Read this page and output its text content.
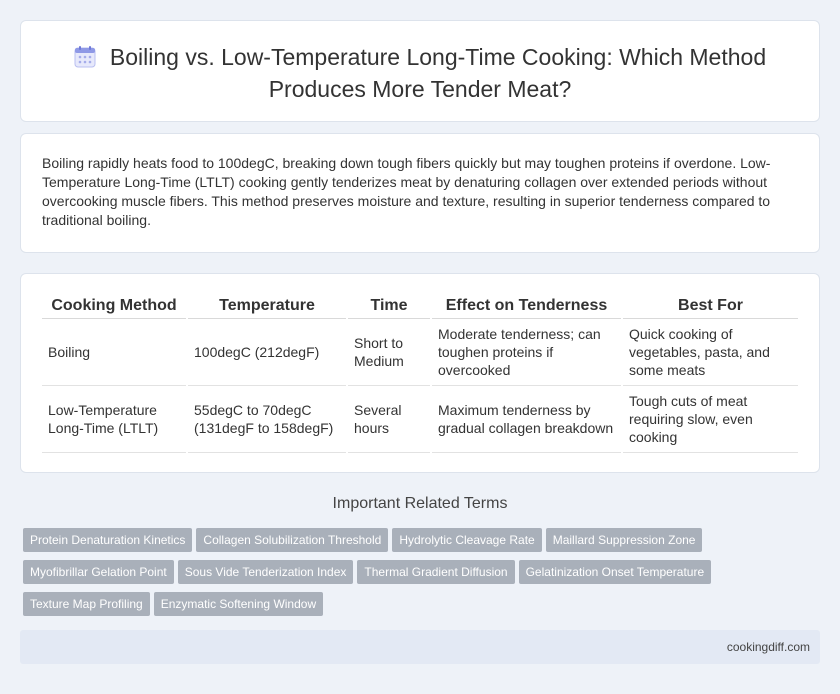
Boiling vs. Low-Temperature Long-Time Cooking: Which Method Produces More Tender Meat?

Boiling rapidly heats food to 100degC, breaking down tough fibers quickly but may toughen proteins if overdone. Low-Temperature Long-Time (LTLT) cooking gently tenderizes meat by denaturing collagen over extended periods without overcooking muscle fibers. This method preserves moisture and texture, resulting in superior tenderness compared to traditional boiling.

Cooking Method	Temperature	Time	Effect on Tenderness	Best For
Boiling	100degC (212degF)	Short to Medium	Moderate tenderness; can toughen proteins if overcooked	Quick cooking of vegetables, pasta, and some meats
Low-Temperature Long-Time (LTLT)	55degC to 70degC (131degF to 158degF)	Several hours	Maximum tenderness by gradual collagen breakdown	Tough cuts of meat requiring slow, even cooking
Important Related Terms
Protein Denaturation Kinetics Collagen Solubilization Threshold Hydrolytic Cleavage Rate Maillard Suppression Zone
Myofibrillar Gelation Point Sous Vide Tenderization Index Thermal Gradient Diffusion Gelatinization Onset Temperature
Texture Map Profiling Enzymatic Softening Window
cookingdiff.com
